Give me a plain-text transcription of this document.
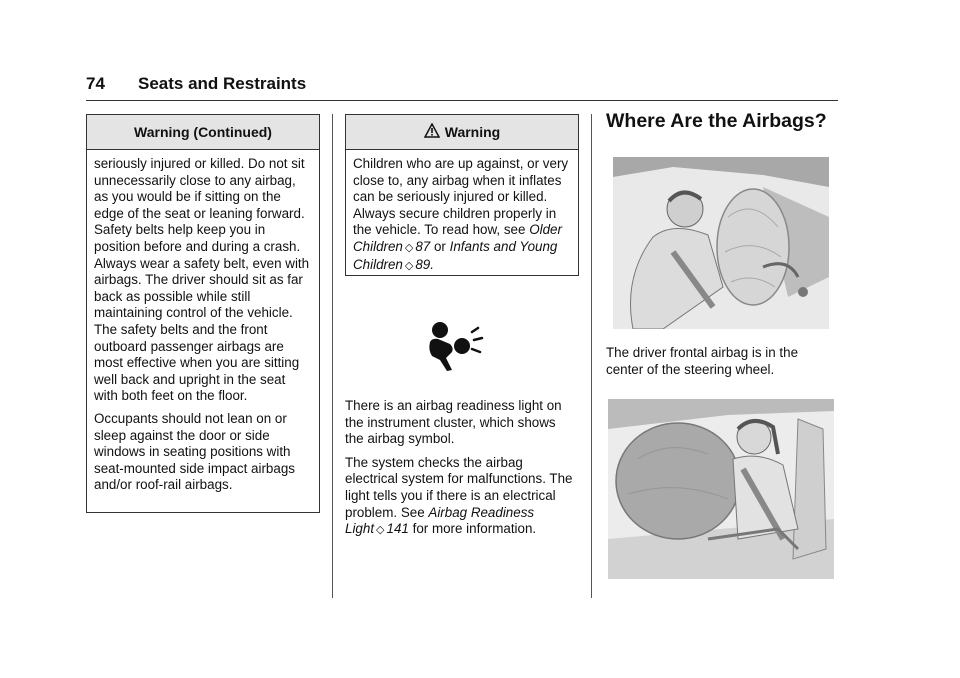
74 Seats and Restraints
Warning (Continued)

seriously injured or killed. Do not sit unnecessarily close to any airbag, as you would be if sitting on the edge of the seat or leaning forward. Safety belts help keep you in position before and during a crash. Always wear a safety belt, even with airbags. The driver should sit as far back as possible while still maintaining control of the vehicle. The safety belts and the front outboard passenger airbags are most effective when you are sitting well back and upright in the seat with both feet on the floor.

Occupants should not lean on or sleep against the door or side windows in seating positions with seat-mounted side impact airbags and/or roof-rail airbags.

Warning
Children who are up against, or very close to, any airbag when it inflates can be seriously injured or killed. Always secure children properly in the vehicle. To read how, see Older Children ◇ 87 or Infants and Young Children ◇ 89.

There is an airbag readiness light on the instrument cluster, which shows the airbag symbol.

The system checks the airbag electrical system for malfunctions. The light tells you if there is an electrical problem. See Airbag Readiness Light ◇ 141 for more information.

Where Are the Airbags?
The driver frontal airbag is in the center of the steering wheel.
